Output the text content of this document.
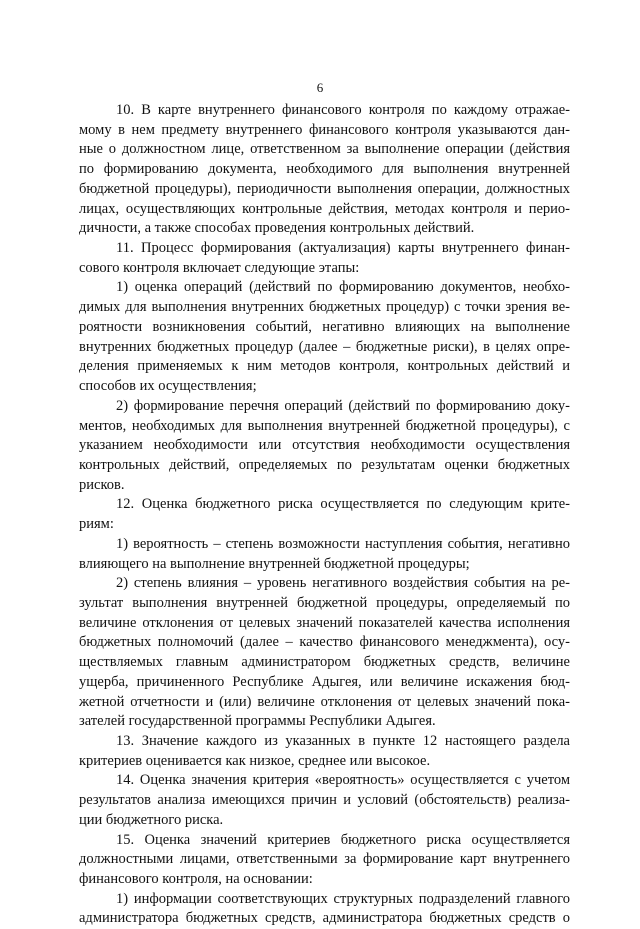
6
10. В карте внутреннего финансового контроля по каждому отражае-
мому в нем предмету внутреннего финансового контроля указываются дан-
ные о должностном лице, ответственном за выполнение операции (действия
по формированию документа, необходимого для выполнения внутренней
бюджетной процедуры), периодичности выполнения операции, должностных
лицах, осуществляющих контрольные действия, методах контроля и перио-
дичности, а также способах проведения контрольных действий.
11. Процесс формирования (актуализация) карты внутреннего финан-
сового контроля включает следующие этапы:
1) оценка операций (действий по формированию документов, необхо-
димых для выполнения внутренних бюджетных процедур) с точки зрения ве-
роятности возникновения событий, негативно влияющих на выполнение
внутренних бюджетных процедур (далее – бюджетные риски), в целях опре-
деления применяемых к ним методов контроля, контрольных действий и
способов их осуществления;
2) формирование перечня операций (действий по формированию доку-
ментов, необходимых для выполнения внутренней бюджетной процедуры), с
указанием необходимости или отсутствия необходимости осуществления
контрольных действий, определяемых по результатам оценки бюджетных
рисков.
12. Оценка бюджетного риска осуществляется по следующим крите-
риям:
1) вероятность – степень возможности наступления события, негативно
влияющего на выполнение внутренней бюджетной процедуры;
2) степень влияния – уровень негативного воздействия события на ре-
зультат выполнения внутренней бюджетной процедуры, определяемый по
величине отклонения от целевых значений показателей качества исполнения
бюджетных полномочий (далее – качество финансового менеджмента), осу-
ществляемых главным администратором бюджетных средств, величине
ущерба, причиненного Республике Адыгея, или величине искажения бюд-
жетной отчетности и (или) величине отклонения от целевых значений пока-
зателей государственной программы Республики Адыгея.
13. Значение каждого из указанных в пункте 12 настоящего раздела
критериев оценивается как низкое, среднее или высокое.
14. Оценка значения критерия «вероятность» осуществляется с учетом
результатов анализа имеющихся причин и условий (обстоятельств) реализа-
ции бюджетного риска.
15. Оценка значений критериев бюджетного риска осуществляется
должностными лицами, ответственными за формирование карт внутреннего
финансового контроля, на основании:
1) информации соответствующих структурных подразделений главного
администратора бюджетных средств, администратора бюджетных средств о
